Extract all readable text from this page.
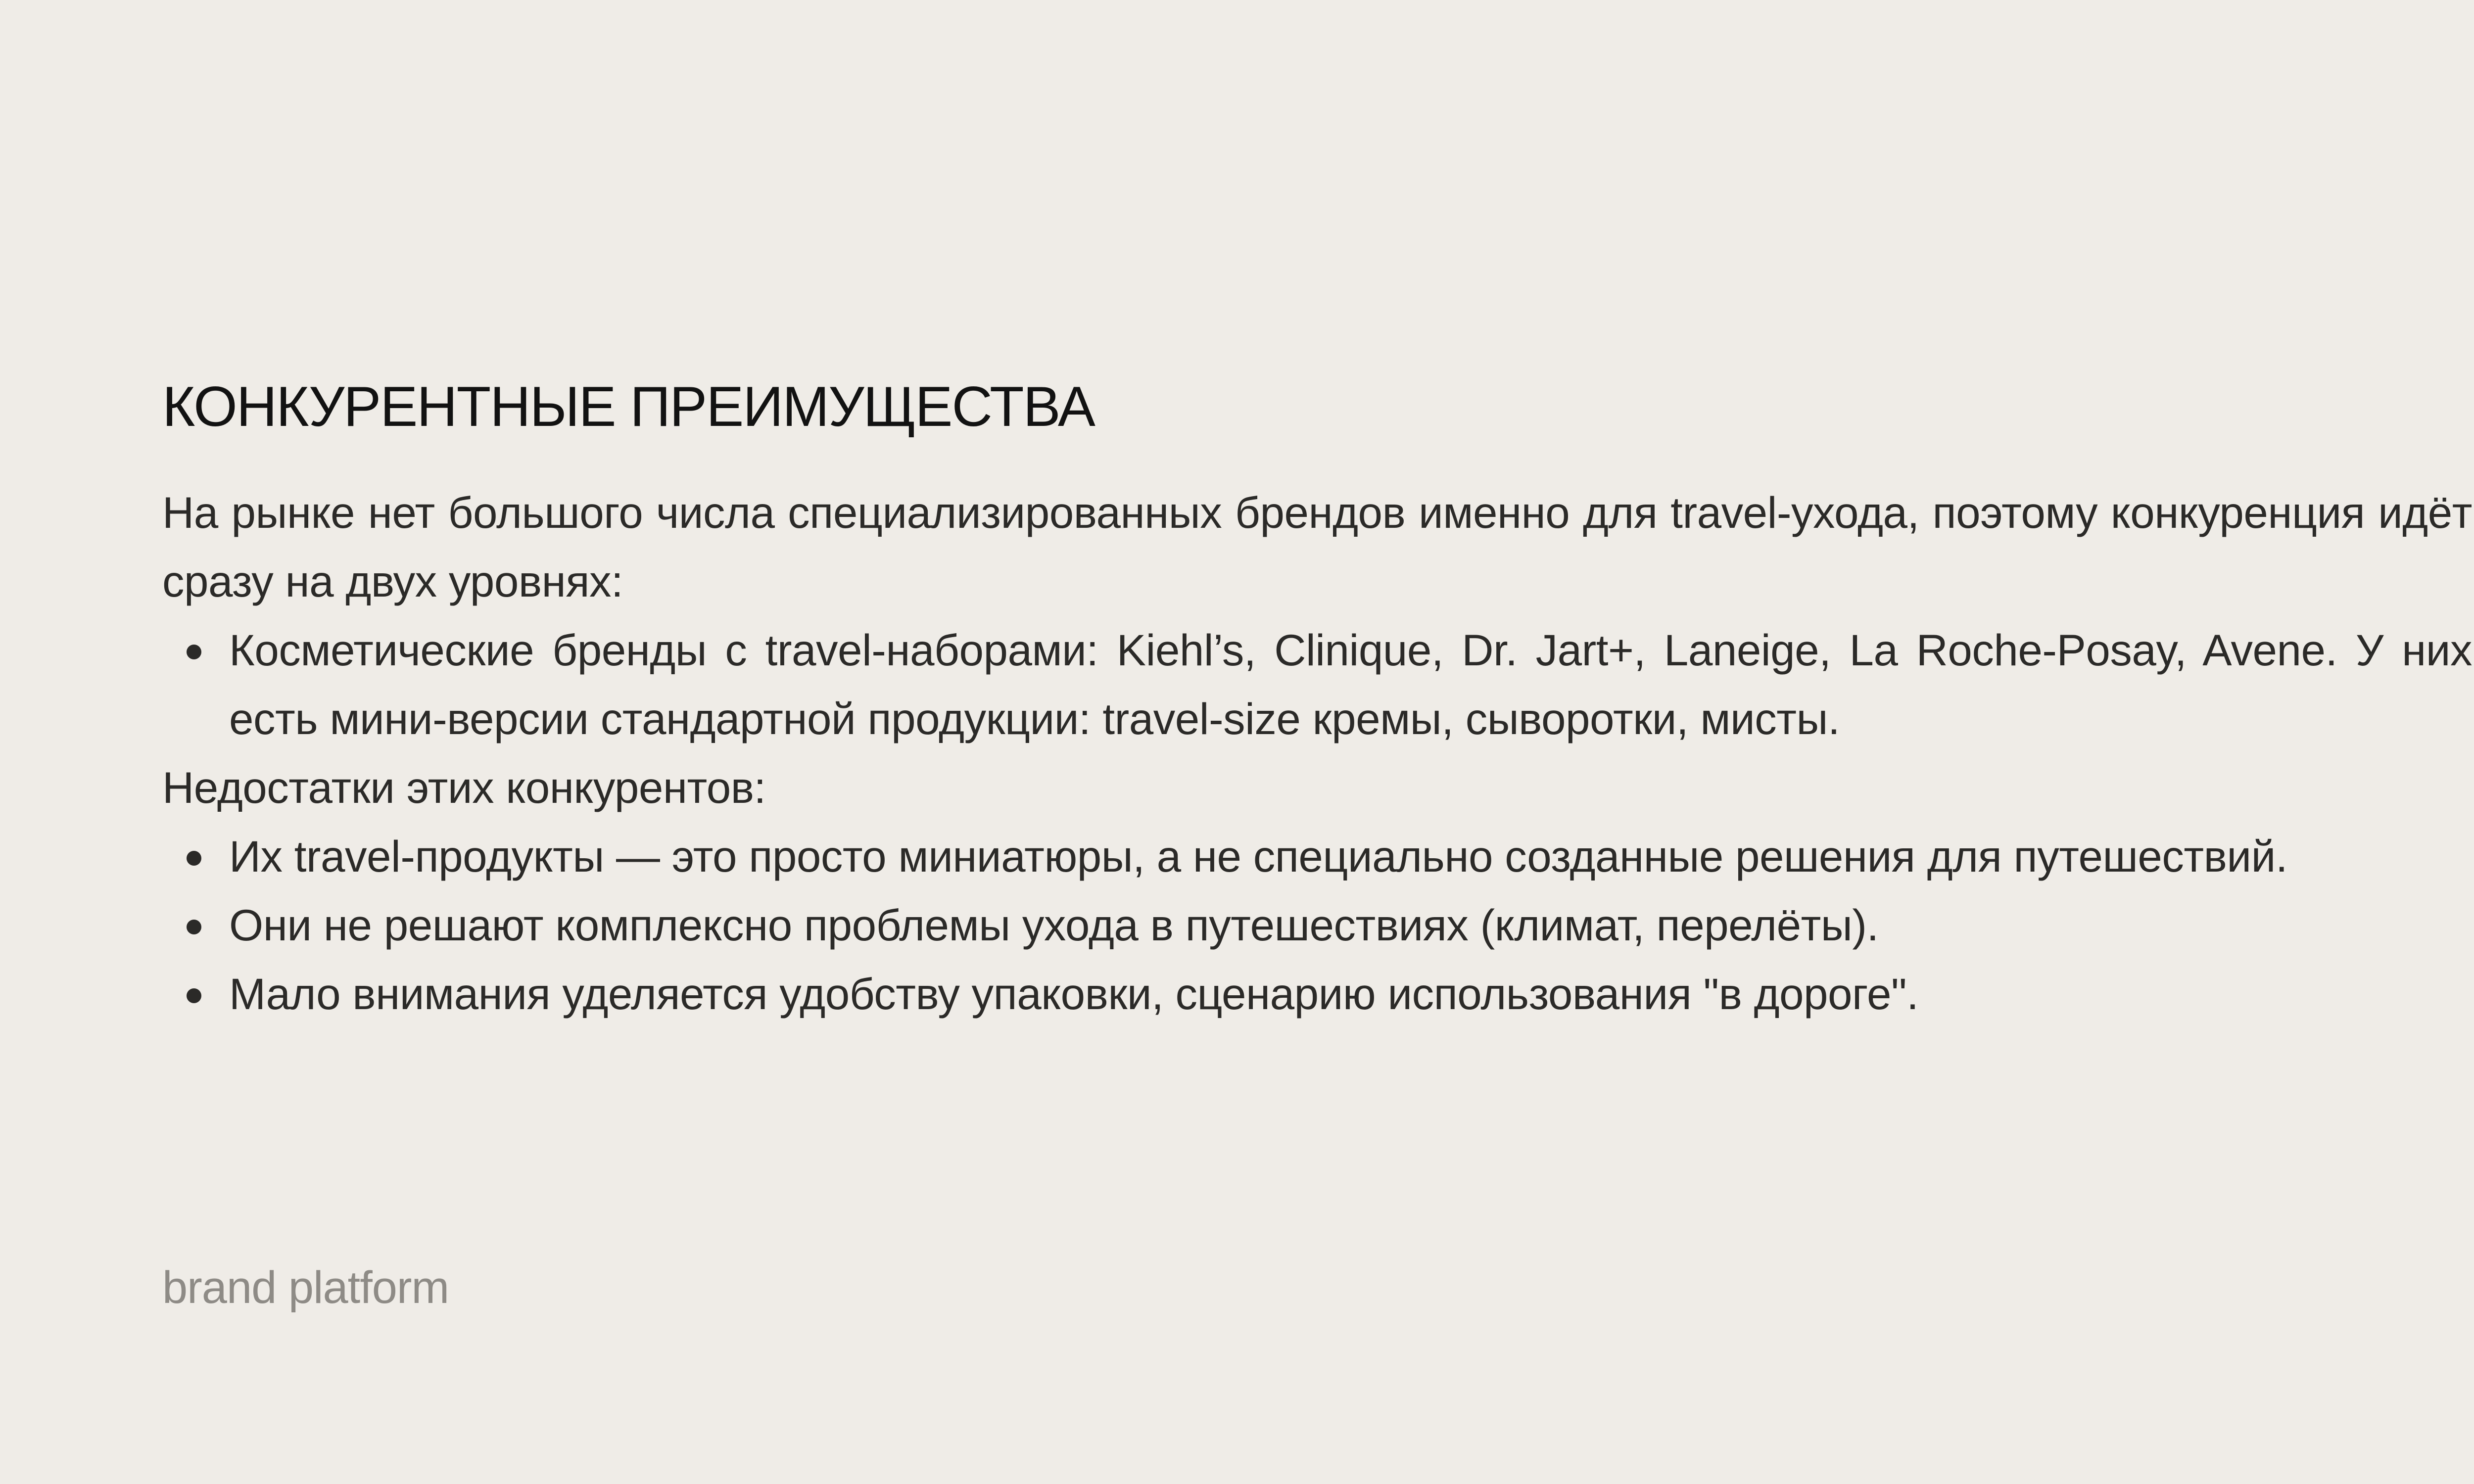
КОНКУРЕНТНЫЕ ПРЕИМУЩЕСТВА

На рынке нет большого числа специализированных брендов именно для travel-ухода, поэтому конкуренция идёт сразу на двух уровнях:

Косметические бренды с travel-наборами: Kiehl’s, Clinique, Dr. Jart+, Laneige, La Roche-Posay, Avene. У них есть мини-версии стандартной продукции: travel-size кремы, сыворотки, мисты.

Недостатки этих конкурентов:

Их travel-продукты — это просто миниатюры, а не специально созданные решения для путешествий.
Они не решают комплексно проблемы ухода в путешествиях (климат, перелёты).
Мало внимания уделяется удобству упаковки, сценарию использования "в дороге".
brand platform
